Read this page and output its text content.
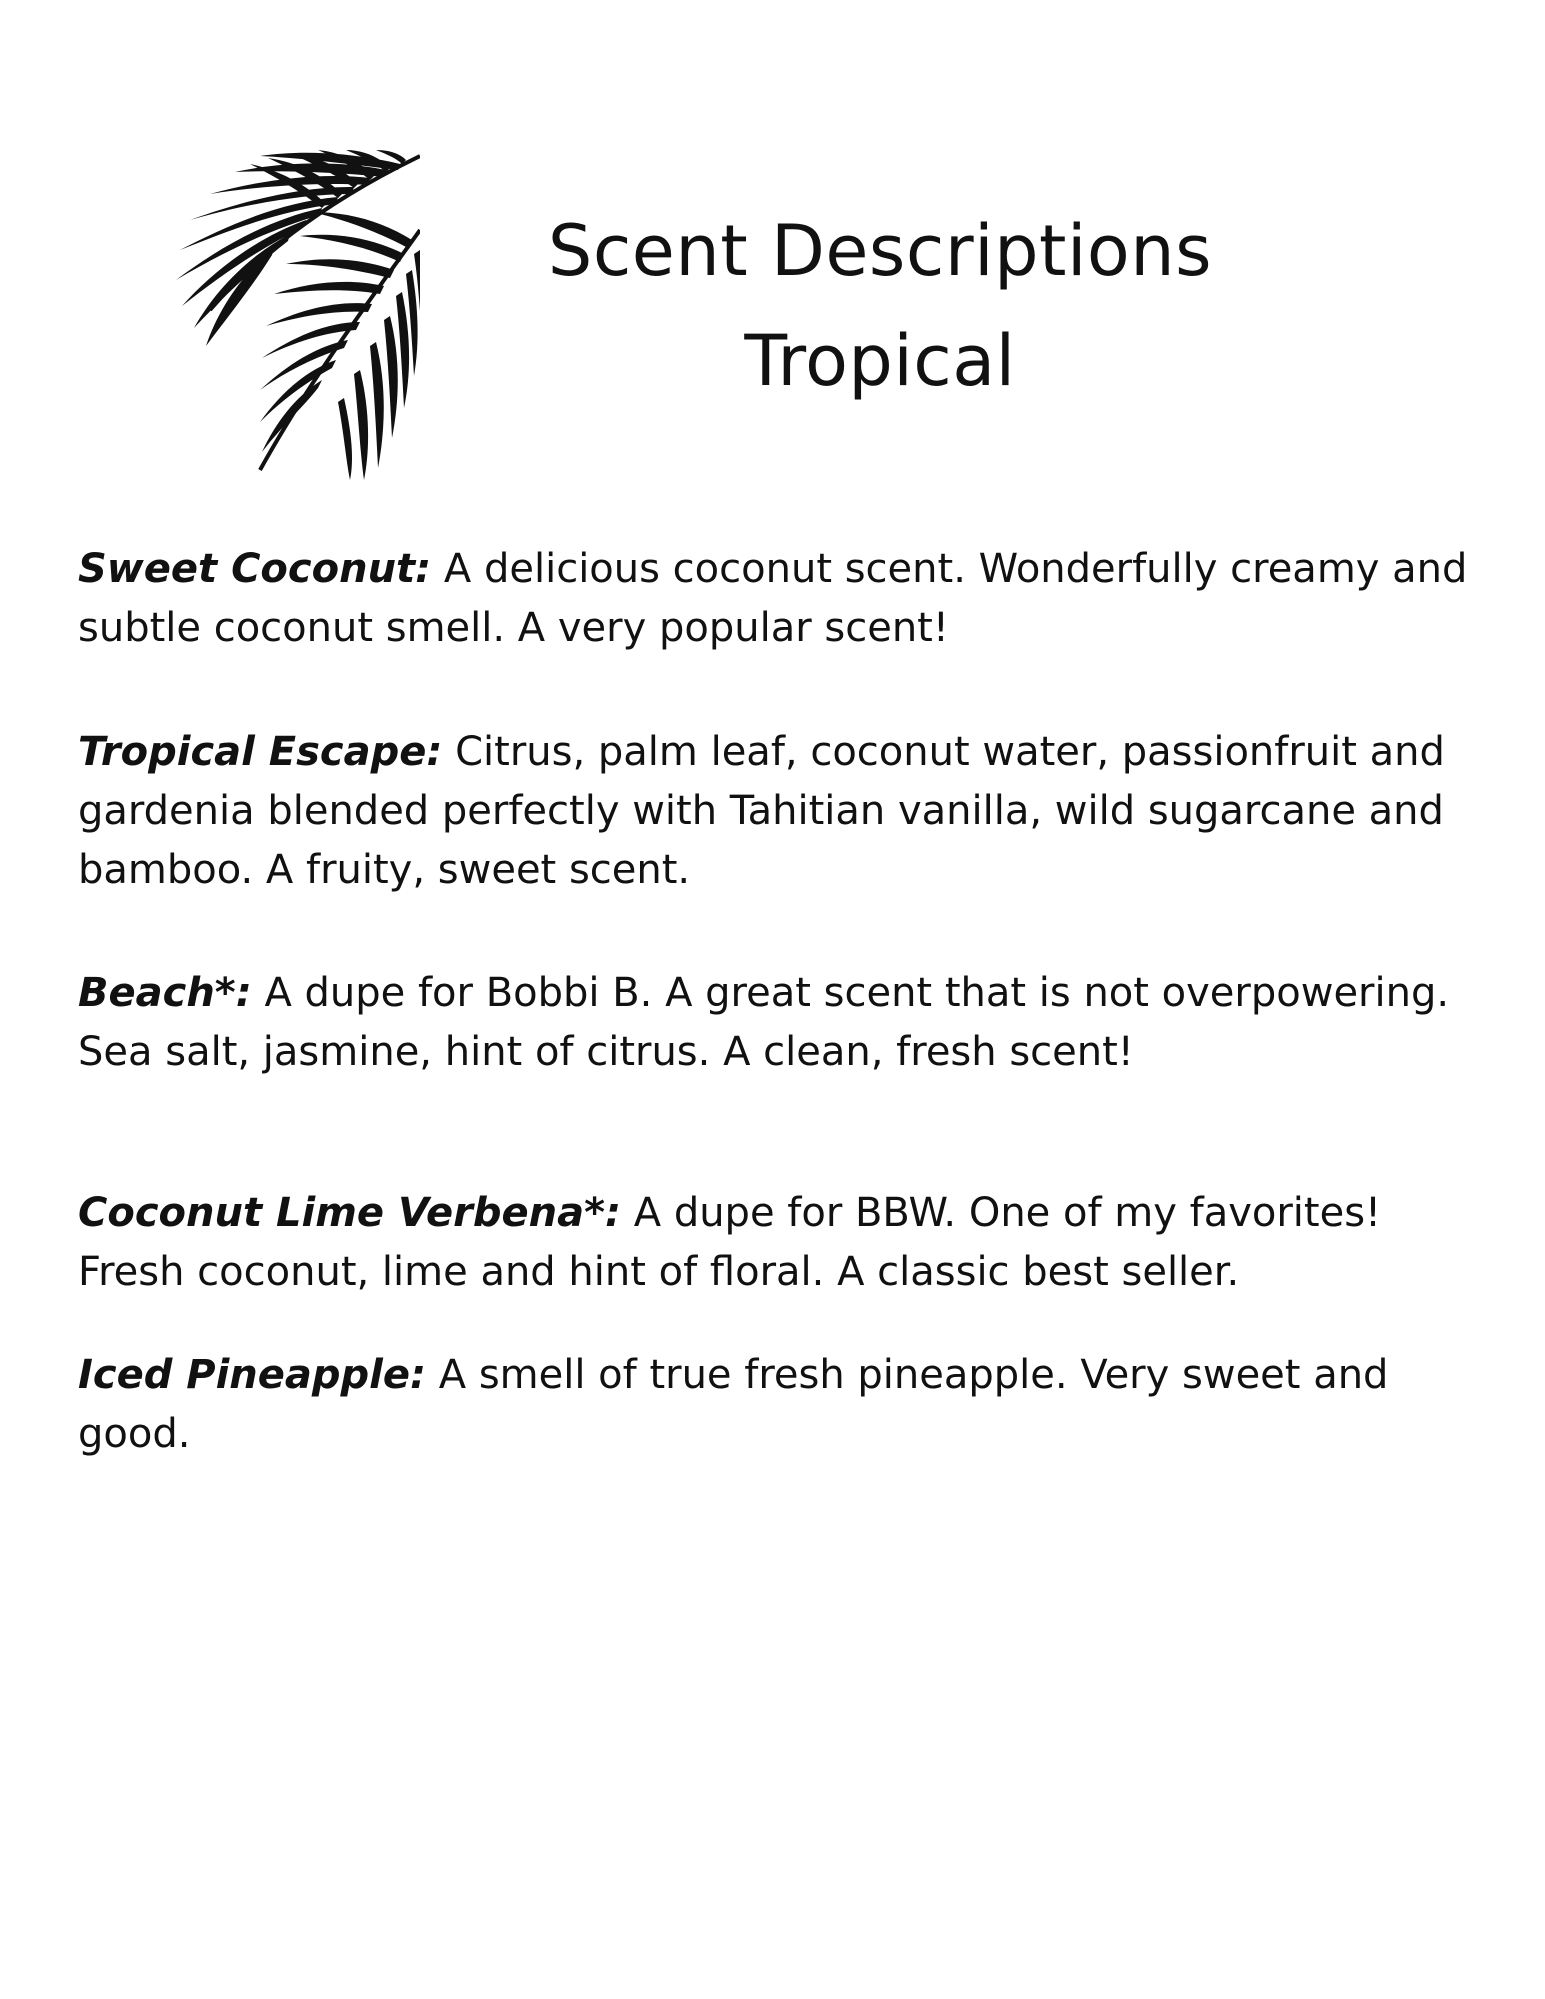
Scent Descriptions
Tropical

Sweet Coconut: A delicious coconut scent. Wonderfully creamy and subtle coconut smell. A very popular scent!

Tropical Escape: Citrus, palm leaf, coconut water, passionfruit and gardenia blended perfectly with Tahitian vanilla, wild sugarcane and bamboo. A fruity, sweet scent.

Beach*: A dupe for Bobbi B. A great scent that is not overpowering. Sea salt, jasmine, hint of citrus. A clean, fresh scent!

Coconut Lime Verbena*: A dupe for BBW. One of my favorites! Fresh coconut, lime and hint of floral. A classic best seller.

Iced Pineapple: A smell of true fresh pineapple. Very sweet and good.
